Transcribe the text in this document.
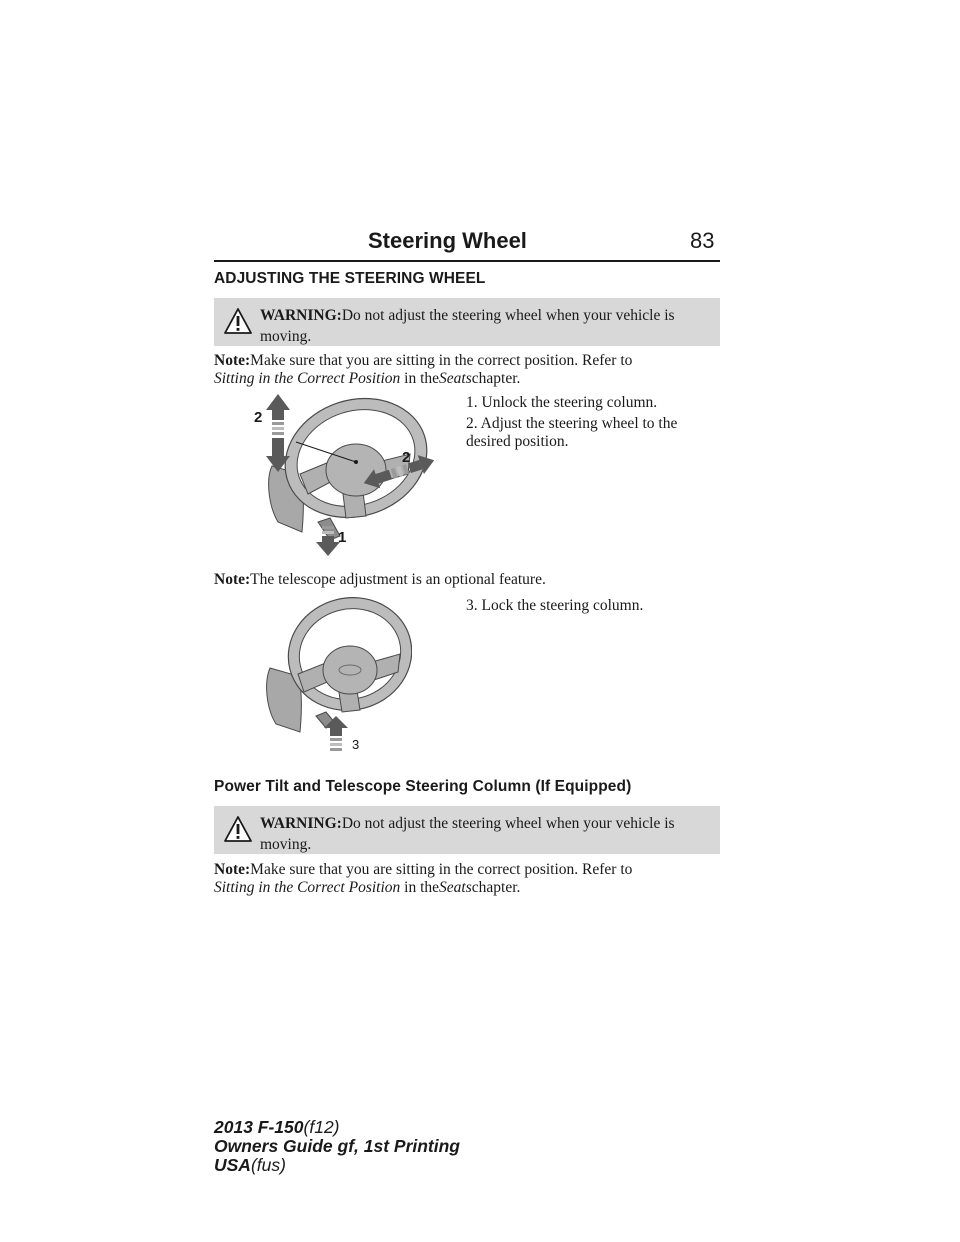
Steering Wheel	83
ADJUSTING THE STEERING WHEEL
WARNING:Do not adjust the steering wheel when your vehicle is moving.
Note:Make sure that you are sitting in the correct position. Refer to
Sitting in the Correct Position in theSeatschapter.
1. Unlock the steering column.
2. Adjust the steering wheel to the desired position.
2
2
1
Note:The telescope adjustment is an optional feature.
3. Lock the steering column.
3
Power Tilt and Telescope Steering Column (If Equipped)
WARNING:Do not adjust the steering wheel when your vehicle is moving.
Note:Make sure that you are sitting in the correct position. Refer to
Sitting in the Correct Position in theSeatschapter.
2013 F-150(f12)
Owners Guide gf, 1st Printing
USA(fus)
